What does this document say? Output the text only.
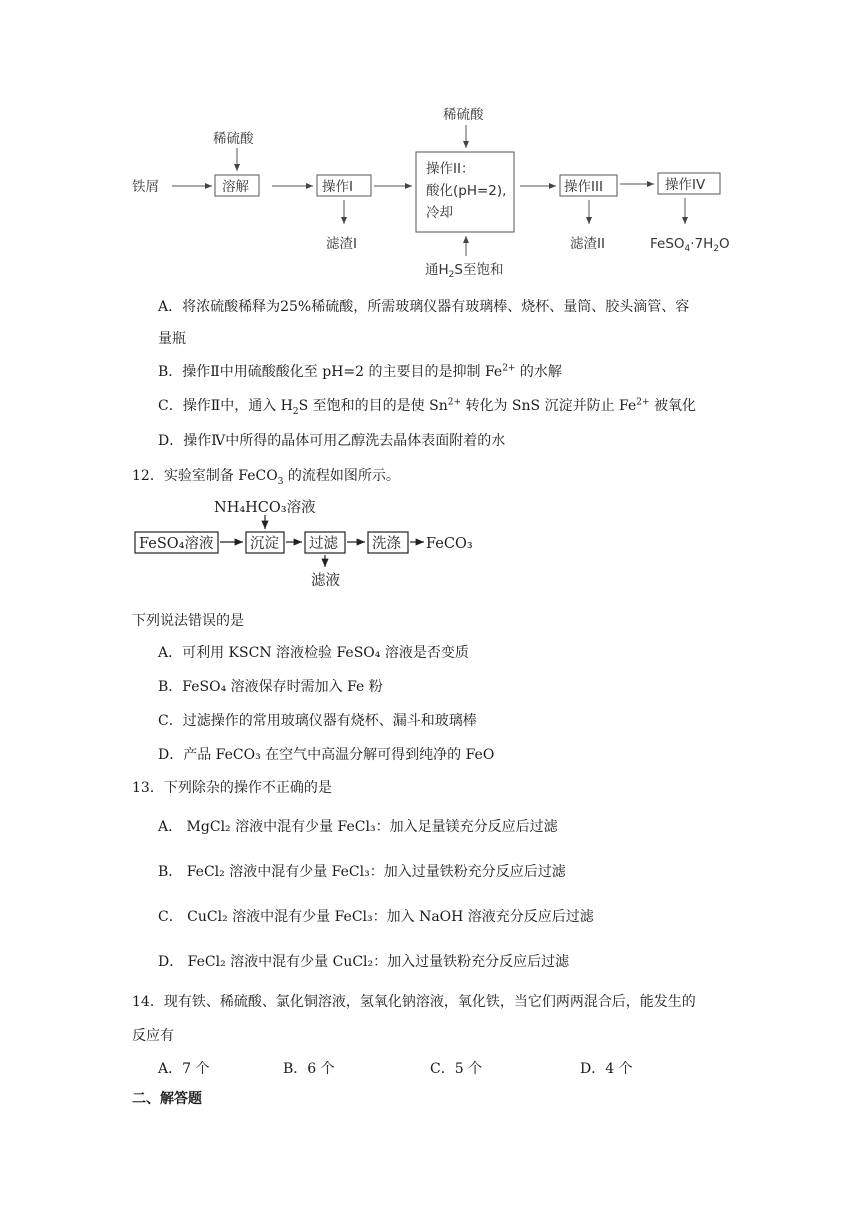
稀硫酸
稀硫酸
铁屑	溶解	操作I
操作II：
酸化(pH=2),
冷却
操作III	操作IV
滤渣I	滤渣II	$FeSO_4\cdot 7H_2O$
通$H_2S$至饱和
A．将浓硫酸稀释为25%稀硫酸，所需玻璃仪器有玻璃棒、烧杯、量筒、胶头滴管、容
量瓶
B．操作Ⅱ中用硫酸酸化至 pH=2 的主要目的是抑制 $Fe^{2+}$ 的水解
C．操作Ⅱ中，通入 $H_2S$ 至饱和的目的是使 $Sn^{2+}$ 转化为 SnS 沉淀并防止 $Fe^{2+}$ 被氧化
D．操作Ⅳ中所得的晶体可用乙醇洗去晶体表面附着的水
12．实验室制备 FeCO$_3$ 的流程如图所示。
NH₄HCO₃溶液
FeSO₄溶液	沉淀 过滤 洗涤 FeCO₃
滤液
下列说法错误的是
A．可利用 KSCN 溶液检验 FeSO₄ 溶液是否变质
B．FeSO₄ 溶液保存时需加入 Fe 粉
C．过滤操作的常用玻璃仪器有烧杯、漏斗和玻璃棒
D．产品 FeCO₃ 在空气中高温分解可得到纯净的 FeO
13．下列除杂的操作不正确的是
A． MgCl₂ 溶液中混有少量 FeCl₃：加入足量镁充分反应后过滤
B． FeCl₂ 溶液中混有少量 FeCl₃：加入过量铁粉充分反应后过滤
C． CuCl₂ 溶液中混有少量 FeCl₃：加入 NaOH 溶液充分反应后过滤
D． FeCl₂ 溶液中混有少量 CuCl₂：加入过量铁粉充分反应后过滤
14．现有铁、稀硫酸、氯化铜溶液，氢氧化钠溶液，氧化铁，当它们两两混合后，能发生的
反应有
A．7 个	B．6 个	C．5 个	D．4 个
二、解答题
